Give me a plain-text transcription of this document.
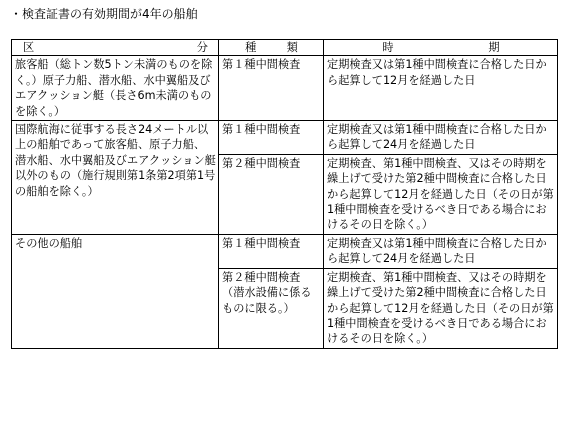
・検査証書の有効期間が4年の船舶
区 分	種 類	時 期

旅客船（総トン数5トン未満のものを除く。）原子力船、潜水船、水中翼船及びエアクッション艇（長さ6m未満のものを除く。）	第１種中間検査	定期検査又は第1種中間検査に合格した日から起算して12月を経過した日

国際航海に従事する長さ24メートル以上の船舶であって旅客船、原子力船、潜水船、水中翼船及びエアクッション艇以外のもの（施行規則第1条第2項第1号の船舶を除く。）	第１種中間検査	定期検査又は第1種中間検査に合格した日から起算して24月を経過した日

	第２種中間検査	定期検査、第1種中間検査、又はその時期を繰上げて受けた第2種中間検査に合格した日から起算して12月を経過した日（その日が第1種中間検査を受けるべき日である場合におけるその日を除く。）

その他の船舶	第１種中間検査	定期検査又は第1種中間検査に合格した日から起算して24月を経過した日

	第２種中間検査（潜水設備に係るものに限る。）	定期検査、第1種中間検査、又はその時期を繰上げて受けた第2種中間検査に合格した日から起算して12月を経過した日（その日が第1種中間検査を受けるべき日である場合におけるその日を除く。）
